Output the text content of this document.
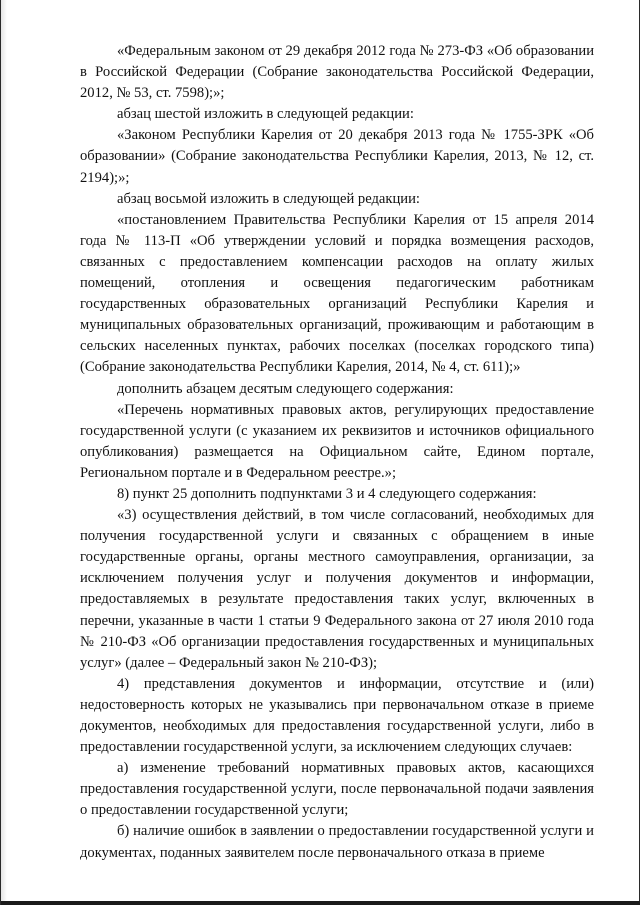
«Федеральным законом от 29 декабря 2012 года № 273-ФЗ «Об образовании в Российской Федерации (Собрание законодательства Российской Федерации, 2012, № 53, ст. 7598);»;

абзац шестой изложить в следующей редакции:

«Законом Республики Карелия от 20 декабря 2013 года № 1755-ЗРК «Об образовании» (Собрание законодательства Республики Карелия, 2013, № 12, ст. 2194);»;

абзац восьмой изложить в следующей редакции:

«постановлением Правительства Республики Карелия от 15 апреля 2014 года № 113-П «Об утверждении условий и порядка возмещения расходов, связанных с предоставлением компенсации расходов на оплату жилых помещений, отопления и освещения педагогическим работникам государственных образовательных организаций Республики Карелия и муниципальных образовательных организаций, проживающим и работающим в сельских населенных пунктах, рабочих поселках (поселках городского типа) (Собрание законодательства Республики Карелия, 2014, № 4, ст. 611);»

дополнить абзацем десятым следующего содержания:

«Перечень нормативных правовых актов, регулирующих предоставление государственной услуги (с указанием их реквизитов и источников официального опубликования) размещается на Официальном сайте, Едином портале, Региональном портале и в Федеральном реестре.»;

8) пункт 25 дополнить подпунктами 3 и 4 следующего содержания:

«3) осуществления действий, в том числе согласований, необходимых для получения государственной услуги и связанных с обращением в иные государственные органы, органы местного самоуправления, организации, за исключением получения услуг и получения документов и информации, предоставляемых в результате предоставления таких услуг, включенных в перечни, указанные в части 1 статьи 9 Федерального закона от 27 июля 2010 года № 210-ФЗ «Об организации предоставления государственных и муниципальных услуг» (далее – Федеральный закон № 210-ФЗ);

4) представления документов и информации, отсутствие и (или) недостоверность которых не указывались при первоначальном отказе в приеме документов, необходимых для предоставления государственной услуги, либо в предоставлении государственной услуги, за исключением следующих случаев:

а) изменение требований нормативных правовых актов, касающихся предоставления государственной услуги, после первоначальной подачи заявления о предоставлении государственной услуги;

б) наличие ошибок в заявлении о предоставлении государственной услуги и документах, поданных заявителем после первоначального отказа в приеме
